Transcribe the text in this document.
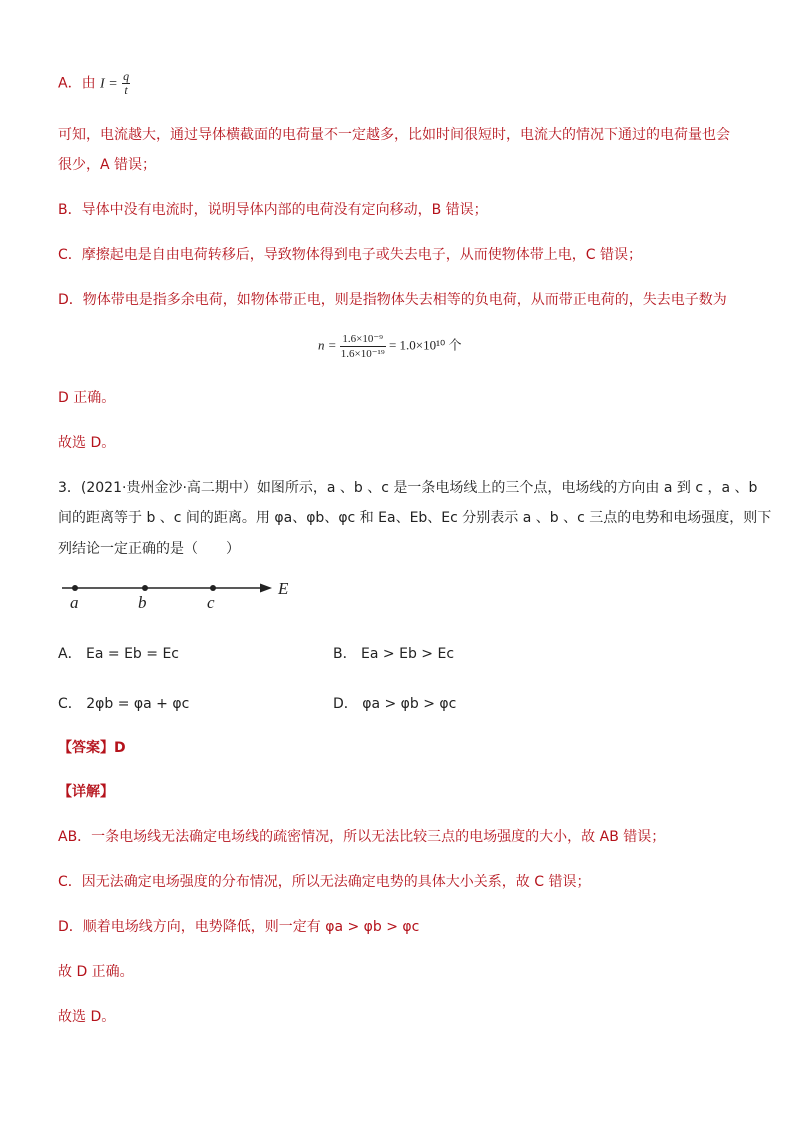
A．由 $I = \frac{q}{t}$
可知，电流越大，通过导体横截面的电荷量不一定越多，比如时间很短时，电流大的情况下通过的电荷量也会
很少，A 错误；
B．导体中没有电流时，说明导体内部的电荷没有定向移动，B 错误；
C．摩擦起电是自由电荷转移后，导致物体得到电子或失去电子，从而使物体带上电，C 错误；
D．物体带电是指多余电荷，如物体带正电，则是指物体失去相等的负电荷，从而带正电荷的，失去电子数为
$n = \frac{\text{1.6×10⁻⁹}}{\text{1.6×10⁻¹⁹}} = 1.0\times 10^{10}$ 个
D 正确。
故选 D。
3．(2021·贵州金沙·高二期中）如图所示，a 、b 、c 是一条电场线上的三个点，电场线的方向由 a 到 c ，a 、b
间的距离等于 b 、c 间的距离。用 φa、φb、φc 和 Ea、Eb、Ec 分别表示 a 、b 、c 三点的电势和电场强度，则下
列结论一定正确的是（　　）
a	b	c
E
A． Ea = Eb = Ec	B． Ea > Eb > Ec
C． 2φb = φa + φc	D． φa > φb > φc
【答案】D
【详解】
AB．一条电场线无法确定电场线的疏密情况，所以无法比较三点的电场强度的大小，故 AB 错误；
C．因无法确定电场强度的分布情况，所以无法确定电势的具体大小关系，故 C 错误；
D．顺着电场线方向，电势降低，则一定有 φa > φb > φc
故 D 正确。
故选 D。
